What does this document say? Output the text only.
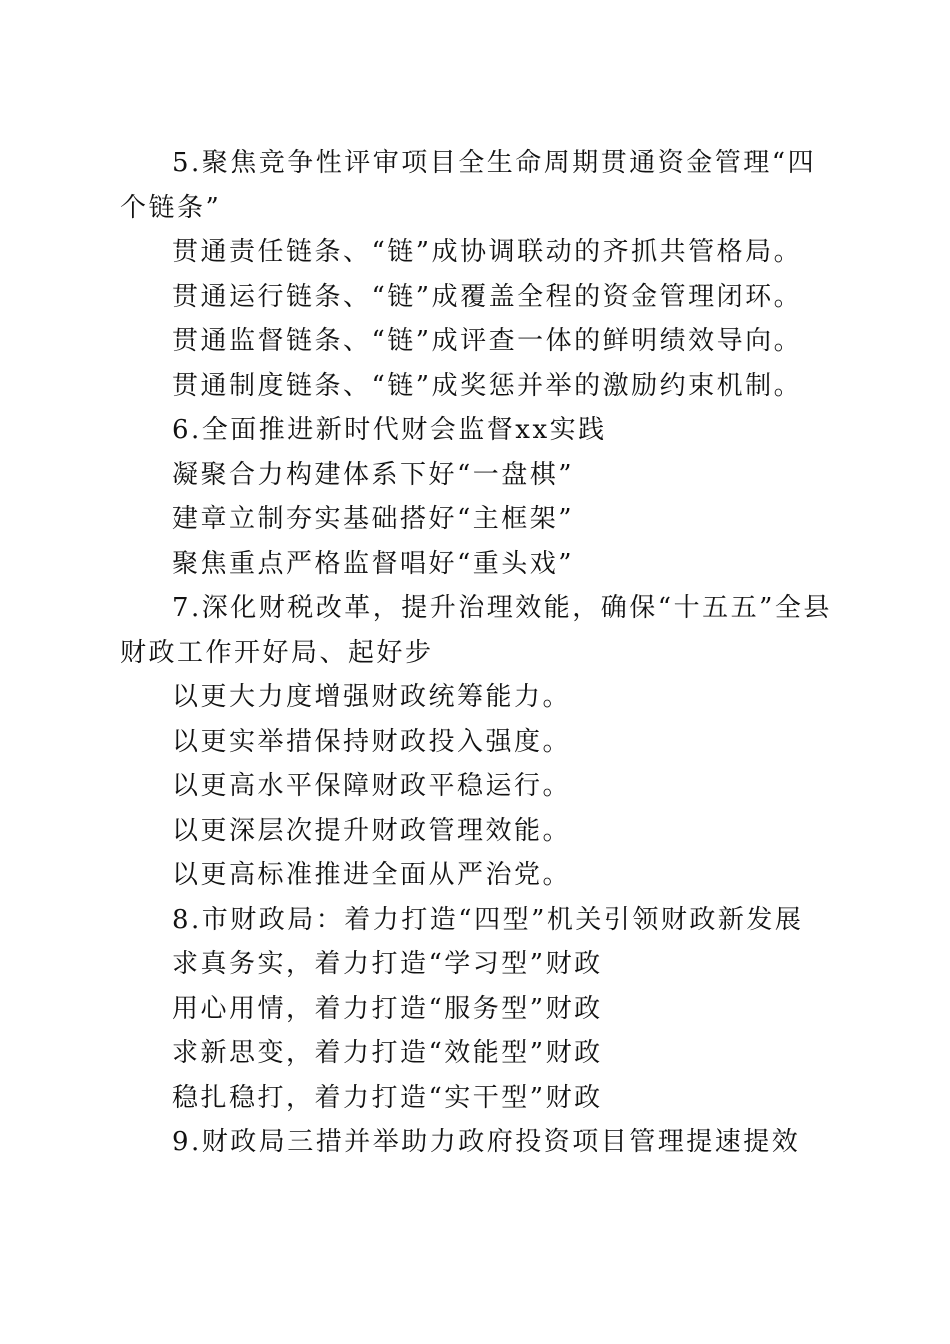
5.聚焦竞争性评审项目全生命周期贯通资金管理“四个链条”

贯通责任链条、“链”成协调联动的齐抓共管格局。

贯通运行链条、“链”成覆盖全程的资金管理闭环。

贯通监督链条、“链”成评查一体的鲜明绩效导向。

贯通制度链条、“链”成奖惩并举的激励约束机制。

6.全面推进新时代财会监督xx实践

凝聚合力构建体系下好“一盘棋”

建章立制夯实基础搭好“主框架”

聚焦重点严格监督唱好“重头戏”

7.深化财税改革，提升治理效能，确保“十五五”全县财政工作开好局、起好步

以更大力度增强财政统筹能力。

以更实举措保持财政投入强度。

以更高水平保障财政平稳运行。

以更深层次提升财政管理效能。

以更高标准推进全面从严治党。

8.市财政局：着力打造“四型”机关引领财政新发展

求真务实，着力打造“学习型”财政

用心用情，着力打造“服务型”财政

求新思变，着力打造“效能型”财政

稳扎稳打，着力打造“实干型”财政

9.财政局三措并举助力政府投资项目管理提速提效
